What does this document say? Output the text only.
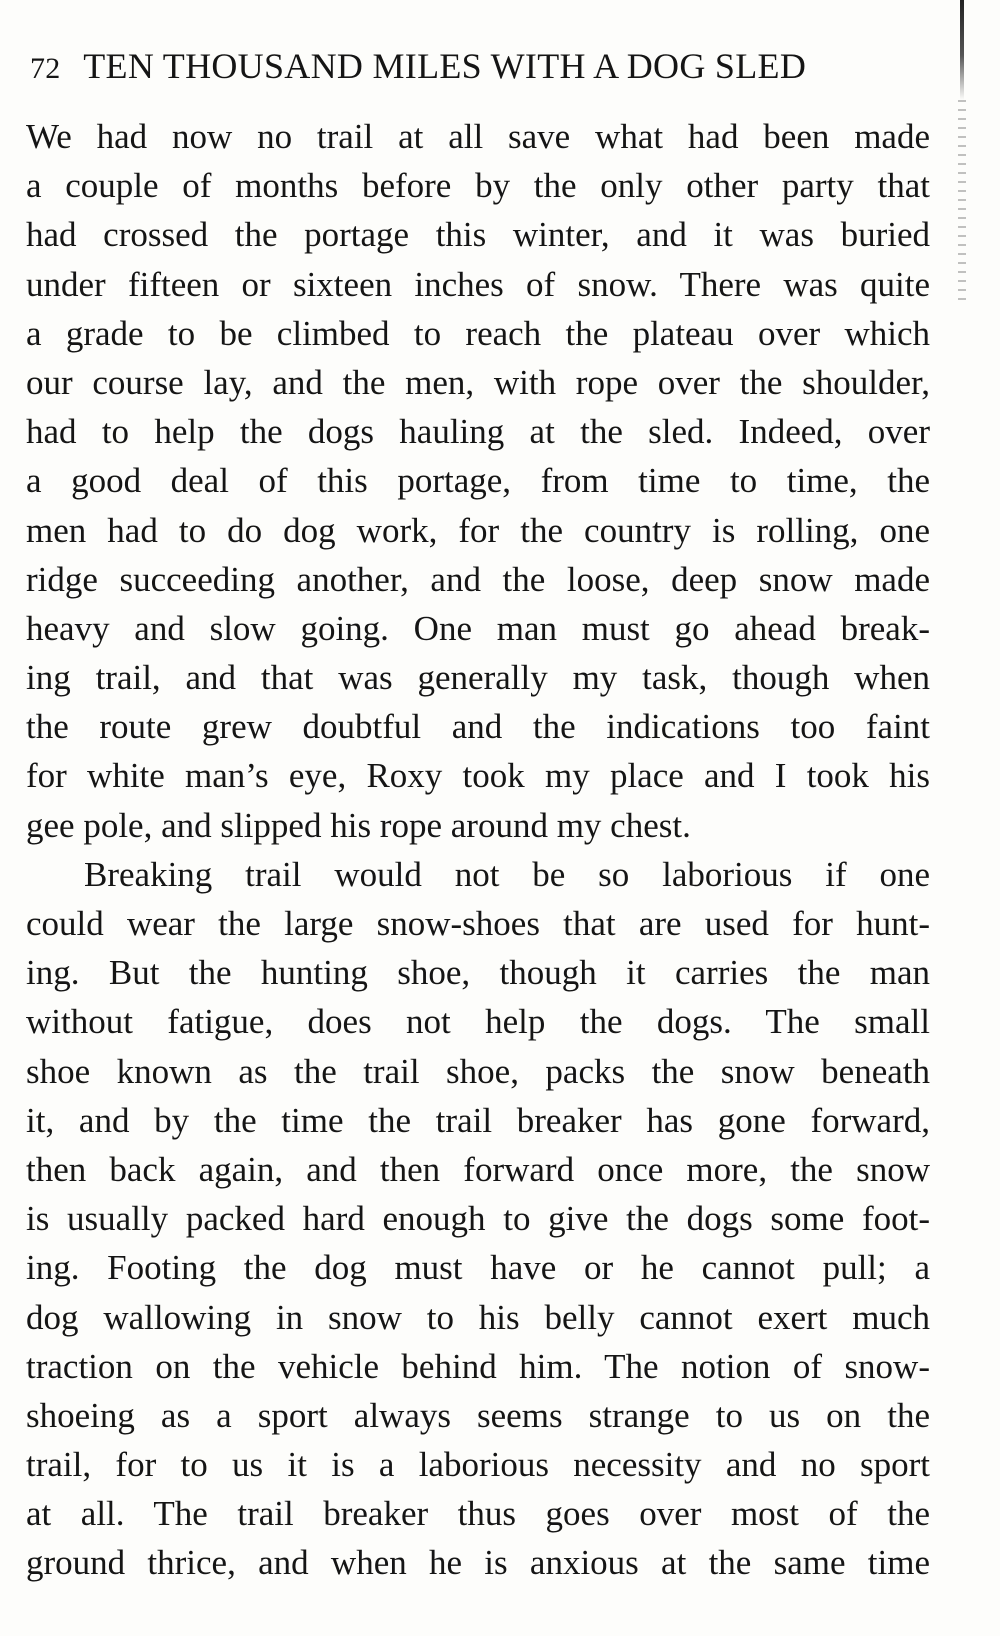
72 TEN THOUSAND MILES WITH A DOG SLED
We had now no trail at all save what had been made
a couple of months before by the only other party that
had crossed the portage this winter, and it was buried
under fifteen or sixteen inches of snow. There was quite
a grade to be climbed to reach the plateau over which
our course lay, and the men, with rope over the shoulder,
had to help the dogs hauling at the sled. Indeed, over
a good deal of this portage, from time to time, the
men had to do dog work, for the country is rolling, one
ridge succeeding another, and the loose, deep snow made
heavy and slow going. One man must go ahead break-
ing trail, and that was generally my task, though when
the route grew doubtful and the indications too faint
for white man’s eye, Roxy took my place and I took his
gee pole, and slipped his rope around my chest.
Breaking trail would not be so laborious if one
could wear the large snow-shoes that are used for hunt-
ing. But the hunting shoe, though it carries the man
without fatigue, does not help the dogs. The small
shoe known as the trail shoe, packs the snow beneath
it, and by the time the trail breaker has gone forward,
then back again, and then forward once more, the snow
is usually packed hard enough to give the dogs some foot-
ing. Footing the dog must have or he cannot pull; a
dog wallowing in snow to his belly cannot exert much
traction on the vehicle behind him. The notion of snow-
shoeing as a sport always seems strange to us on the
trail, for to us it is a laborious necessity and no sport
at all. The trail breaker thus goes over most of the
ground thrice, and when he is anxious at the same time
